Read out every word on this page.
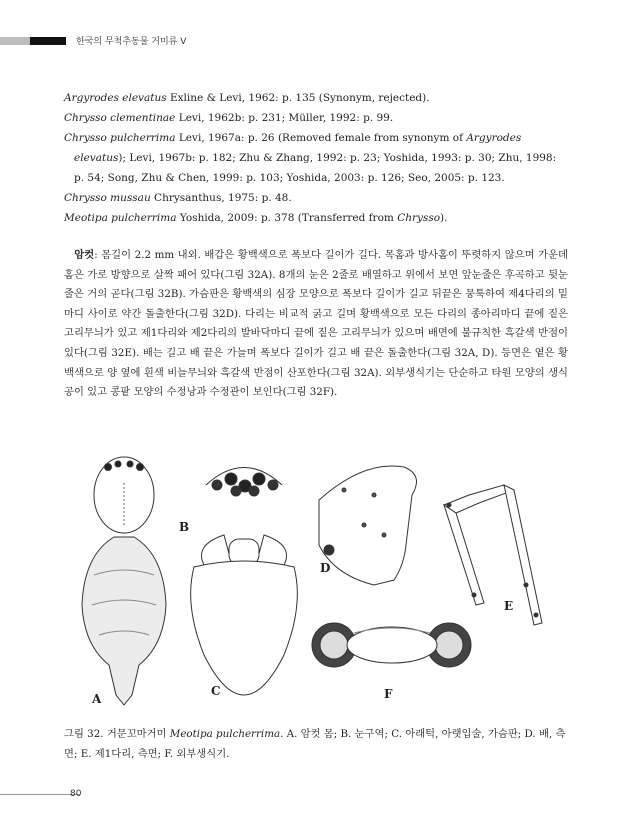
한국의 무척추동물 거미류 V

Argyrodes elevatus Exline & Levi, 1962: p. 135 (Synonym, rejected).

Chrysso clementinae Levi, 1962b: p. 231; Müller, 1992: p. 99.

Chrysso pulcherrima Levi, 1967a: p. 26 (Removed female from synonym of Argyrodes elevatus); Levi, 1967b: p. 182; Zhu & Zhang, 1992: p. 23; Yoshida, 1993: p. 30; Zhu, 1998: p. 54; Song, Zhu & Chen, 1999: p. 103; Yoshida, 2003: p. 126; Seo, 2005: p. 123.

Chrysso mussau Chrysanthus, 1975: p. 48.

Meotipa pulcherrima Yoshida, 2009: p. 378 (Transferred from Chrysso).

 암컷: 몸길이 2.2 mm 내외. 배갑은 황백색으로 폭보다 길이가 길다. 목홈과 방사홈이 뚜렷하지 않으며 가운데홈은 가로 방향으로 살짝 패어 있다(그림 32A). 8개의 눈은 2줄로 배열하고 위에서 보면 앞눈줄은 후곡하고 뒷눈줄은 거의 곧다(그림 32B). 가슴판은 황백색의 심장 모양으로 폭보다 길이가 길고 뒤끝은 뭉툭하여 제4다리의 밑마디 사이로 약간 돌출한다(그림 32D). 다리는 비교적 굵고 길며 황백색으로 모든 다리의 종아리마디 끝에 짙은 고리무늬가 있고 제1다리와 제2다리의 발바닥마디 끝에 짙은 고리무늬가 있으며 배면에 불규칙한 흑갈색 반점이 있다(그림 32E). 배는 길고 배 끝은 가늘며 폭보다 길이가 길고 배 끝은 돌출한다(그림 32A, D). 등면은 옅은 황백색으로 양 옆에 흰색 비늘무늬와 흑갈색 반점이 산포한다(그림 32A). 외부생식기는 단순하고 타원 모양의 생식공이 있고 콩팥 모양의 수정낭과 수정관이 보인다(그림 32F).
A
B
C
D
E
F
그림 32. 거문꼬마거미 Meotipa pulcherrima. A. 암컷 몸; B. 눈구역; C. 아래턱, 아랫입술, 가슴판; D. 배, 측면; E. 제1다리, 측면; F. 외부생식기.
80
